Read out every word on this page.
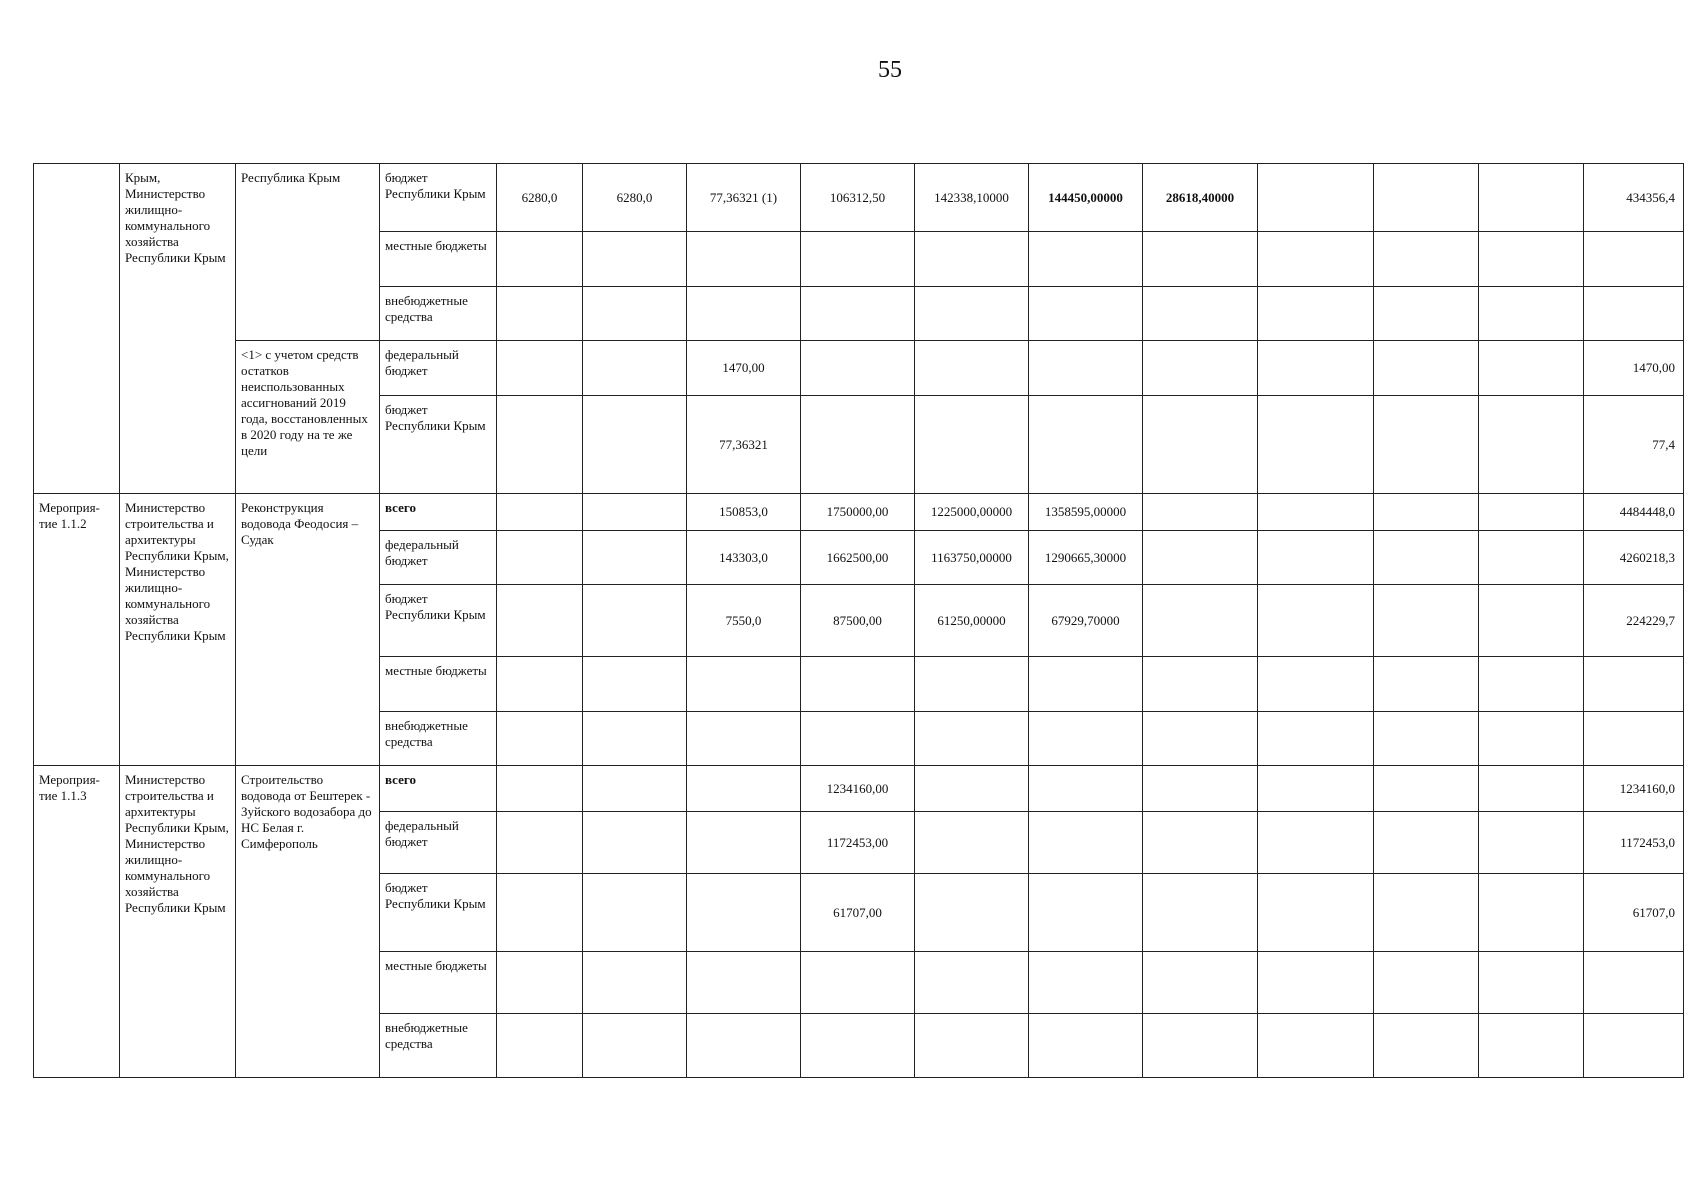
55
	Крым, Министерство жилищно-коммунального хозяйства Республики Крым	Республика Крым	бюджет Республики Крым	6280,0	6280,0	77,36321 (1)	106312,50	142338,10000	144450,00000	28618,40000				434356,4
			местные бюджеты											
			внебюджетные средства											
		<1> с учетом средств остатков неиспользованных ассигнований 2019 года, восстановленных в 2020 году на те же цели	федеральный бюджет			1470,00								1470,00
			бюджет Республики Крым			77,36321								77,4
Мероприя-тие 1.1.2	Министерство строительства и архитектуры Республики Крым, Министерство жилищно-коммунального хозяйства Республики Крым	Реконструкция водовода Феодосия – Судак	всего			150853,0	1750000,00	1225000,00000	1358595,00000					4484448,0
			федеральный бюджет			143303,0	1662500,00	1163750,00000	1290665,30000					4260218,3
			бюджет Республики Крым			7550,0	87500,00	61250,00000	67929,70000					224229,7
			местные бюджеты											
			внебюджетные средства											
Мероприя-тие 1.1.3	Министерство строительства и архитектуры Республики Крым, Министерство жилищно-коммунального хозяйства Республики Крым	Строительство водовода от Бештерек - Зуйского водозабора до НС Белая г. Симферополь	всего				1234160,00							1234160,0
			федеральный бюджет				1172453,00							1172453,0
			бюджет Республики Крым				61707,00							61707,0
			местные бюджеты											
			внебюджетные средства											
